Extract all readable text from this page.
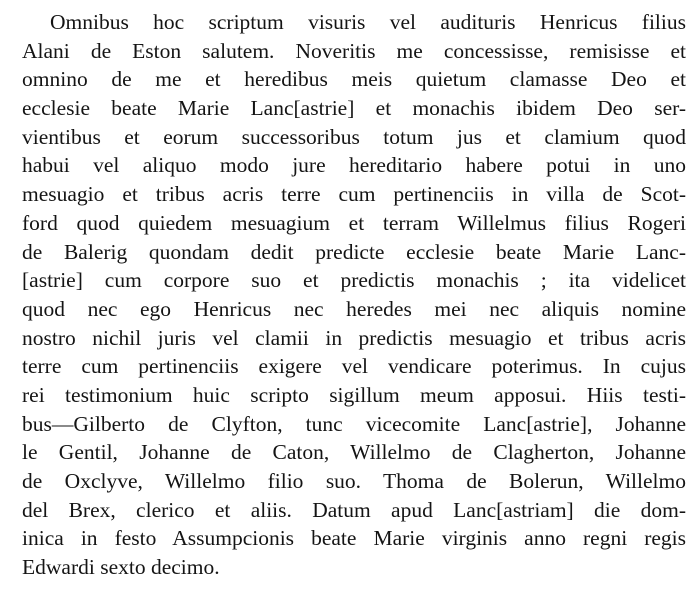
Omnibus hoc scriptum visuris vel audituris Henricus filius
Alani de Eston salutem. Noveritis me concessisse, remisisse et
omnino de me et heredibus meis quietum clamasse Deo et
ecclesie beate Marie Lanc[astrie] et monachis ibidem Deo ser-
vientibus et eorum successoribus totum jus et clamium quod
habui vel aliquo modo jure hereditario habere potui in uno
mesuagio et tribus acris terre cum pertinenciis in villa de Scot-
ford quod quiedem mesuagium et terram Willelmus filius Rogeri
de Balerig quondam dedit predicte ecclesie beate Marie Lanc-
[astrie] cum corpore suo et predictis monachis ; ita videlicet
quod nec ego Henricus nec heredes mei nec aliquis nomine
nostro nichil juris vel clamii in predictis mesuagio et tribus acris
terre cum pertinenciis exigere vel vendicare poterimus. In cujus
rei testimonium huic scripto sigillum meum apposui. Hiis testi-
bus—Gilberto de Clyfton, tunc vicecomite Lanc[astrie], Johanne
le Gentil, Johanne de Caton, Willelmo de Clagherton, Johanne
de Oxclyve, Willelmo filio suo. Thoma de Bolerun, Willelmo
del Brex, clerico et aliis. Datum apud Lanc[astriam] die dom-
inica in festo Assumpcionis beate Marie virginis anno regni regis
Edwardi sexto decimo.
